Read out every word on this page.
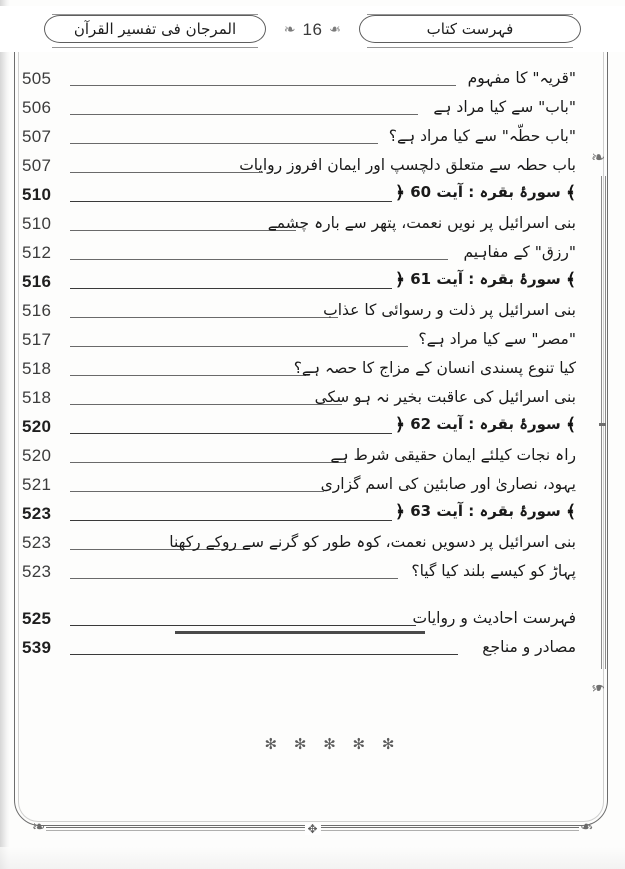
المرجان فى تفسير القرآن	فہرست کتاب
❧ 16 ❧
❧
❧
505	"قریہ" کا مفہوم
506	"باب" سے کیا مراد ہے
507	"باب حطّہ" سے کیا مراد ہے؟
507	باب حطہ سے متعلق دلچسپ اور ایمان افروز روایات
510	﴾ سورۂ بقرہ : آیت 60 ﴿
510	بنی اسرائیل پر نویں نعمت، پتھر سے بارہ چشمے
512	"رزق" کے مفاہیم
516	﴾ سورۂ بقرہ : آیت 61 ﴿
516	بنی اسرائیل پر ذلت و رسوائی کا عذاب
517	"مصر" سے کیا مراد ہے؟
518	کیا تنوع پسندی انسان کے مزاج کا حصہ ہے؟
518	بنی اسرائیل کی عاقبت بخیر نہ ہو سکی
520	﴾ سورۂ بقرہ : آیت 62 ﴿
520	راہ نجات کیلئے ایمان حقیقی شرط ہے
521	یہود، نصاریٰ اور صابئین کی اسم گزاری
523	﴾ سورۂ بقرہ : آیت 63 ﴿
523	بنی اسرائیل پر دسویں نعمت، کوہ طور کو گرنے سے روکے رکھنا
523	پہاڑ کو کیسے بلند کیا گیا؟
525	فہرست احادیث و روایات
539	مصادر و مناجع
✻ ✻ ✻ ✻ ✻
❧	❧
✥
